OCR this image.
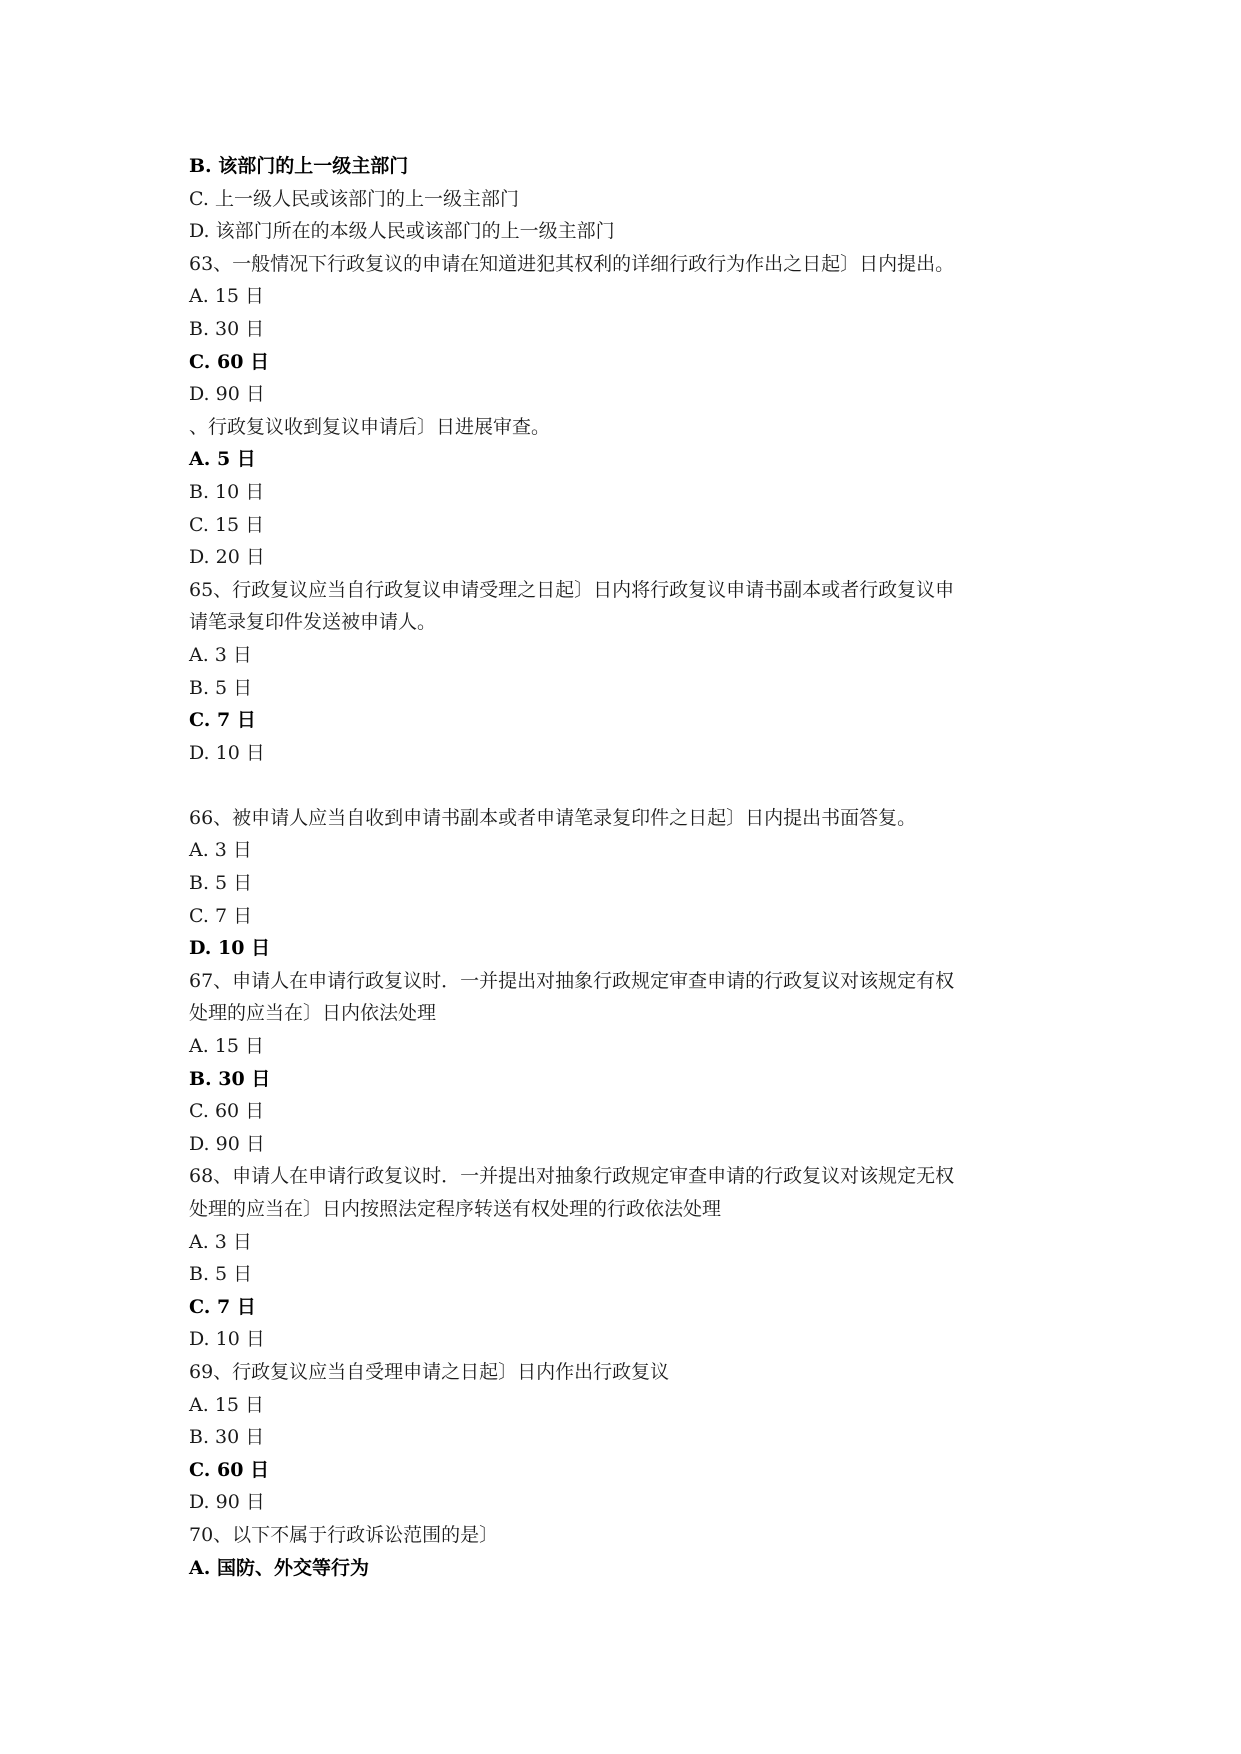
B. 该部门的上一级主部门
C. 上一级人民或该部门的上一级主部门
D. 该部门所在的本级人民或该部门的上一级主部门
63、一般情况下行政复议的申请在知道进犯其权利的详细行政行为作出之日起〕日内提出。
A. 15 日
B. 30 日
C. 60 日
D. 90 日
、行政复议收到复议申请后〕日进展审查。
A. 5 日
B. 10 日
C. 15 日
D. 20 日
65、行政复议应当自行政复议申请受理之日起〕日内将行政复议申请书副本或者行政复议申
请笔录复印件发送被申请人。
A. 3 日
B. 5 日
C. 7 日
D. 10 日
66、被申请人应当自收到申请书副本或者申请笔录复印件之日起〕日内提出书面答复。
A. 3 日
B. 5 日
C. 7 日
D. 10 日
67、申请人在申请行政复议时．一并提出对抽象行政规定审查申请的行政复议对该规定有权
处理的应当在〕日内依法处理
A. 15 日
B. 30 日
C. 60 日
D. 90 日
68、申请人在申请行政复议时．一并提出对抽象行政规定审查申请的行政复议对该规定无权
处理的应当在〕日内按照法定程序转送有权处理的行政依法处理
A. 3 日
B. 5 日
C. 7 日
D. 10 日
69、行政复议应当自受理申请之日起〕日内作出行政复议
A. 15 日
B. 30 日
C. 60 日
D. 90 日
70、以下不属于行政诉讼范围的是〕
A. 国防、外交等行为
